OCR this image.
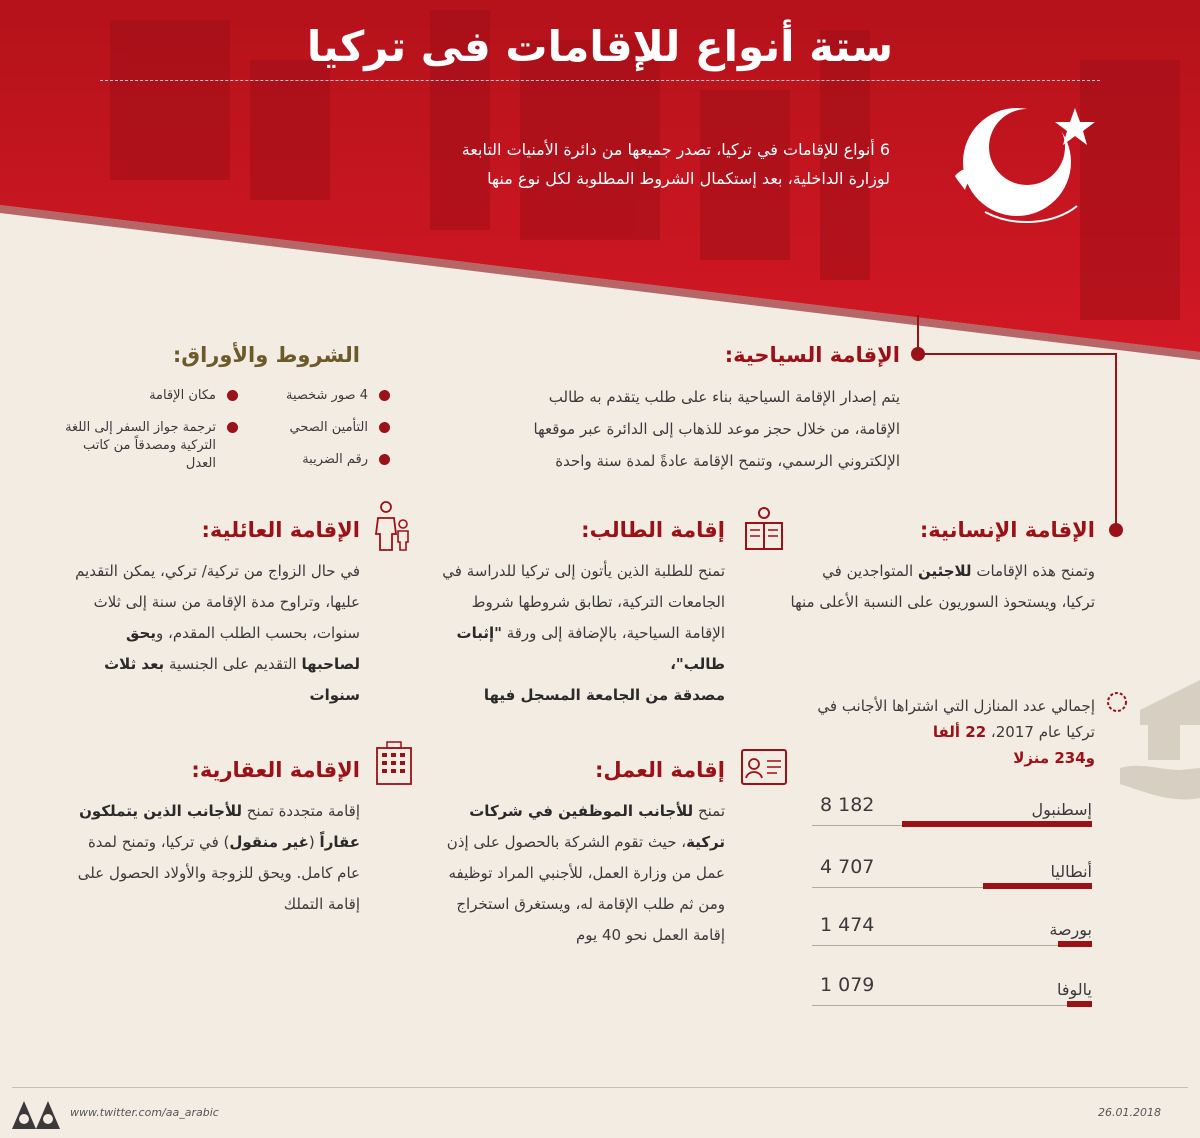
ستة أنواع للإقامات فى تركيا
6 أنواع للإقامات في تركيا، تصدر جميعها من دائرة الأمنيات التابعة لوزارة الداخلية، بعد إستكمال الشروط المطلوبة لكل نوع منها
الإقامة السياحية:
يتم إصدار الإقامة السياحية بناء على طلب يتقدم به طالب الإقامة، من خلال حجز موعد للذهاب إلى الدائرة عبر موقعها الإلكتروني الرسمي، وتنمح الإقامة عادةً لمدة سنة واحدة
الشروط والأوراق:
4 صور شخصية
التأمين الصحي
رقم الضريبة
مكان الإقامة
ترجمة جواز السفر إلى اللغة التركية ومصدقاً من كاتب العدل
الإقامة الإنسانية:
وتمنح هذه الإقامات للاجئين المتواجدين في تركيا، ويستحوذ السوريون على النسبة الأعلى منها
إقامة الطالب:
تمنح للطلبة الذين يأتون إلى تركيا للدراسة في الجامعات التركية، تطابق شروطها شروط الإقامة السياحية، بالإضافة إلى ورقة "إثبات طالب"،
مصدقة من الجامعة المسجل فيها
الإقامة العائلية:
في حال الزواج من تركية/ تركي، يمكن التقديم عليها، وتراوح مدة الإقامة من سنة إلى ثلاث سنوات، بحسب الطلب المقدم، ويحق لصاحبها التقديم على الجنسية بعد ثلاث سنوات
إقامة العمل:
تمنح للأجانب الموظفين في شركات تركية، حيث تقوم الشركة بالحصول على إذن عمل من وزارة العمل، للأجنبي المراد توظيفه ومن ثم طلب الإقامة له، ويستغرق استخراج إقامة العمل نحو 40 يوم
الإقامة العقارية:
إقامة متجددة تمنح للأجانب الذين يتملكون عقاراً (غير منقول) في تركيا، وتمنح لمدة عام كامل. ويحق للزوجة والأولاد الحصول على إقامة التملك
إجمالي عدد المنازل التي اشتراها الأجانب في تركيا عام 2017، 22 ألفا
و234 منزلا
إسطنبول
8 182
أنطاليا
4 707
بورصة
1 474
يالوفا
1 079
www.twitter.com/aa_arabic	26.01.2018
